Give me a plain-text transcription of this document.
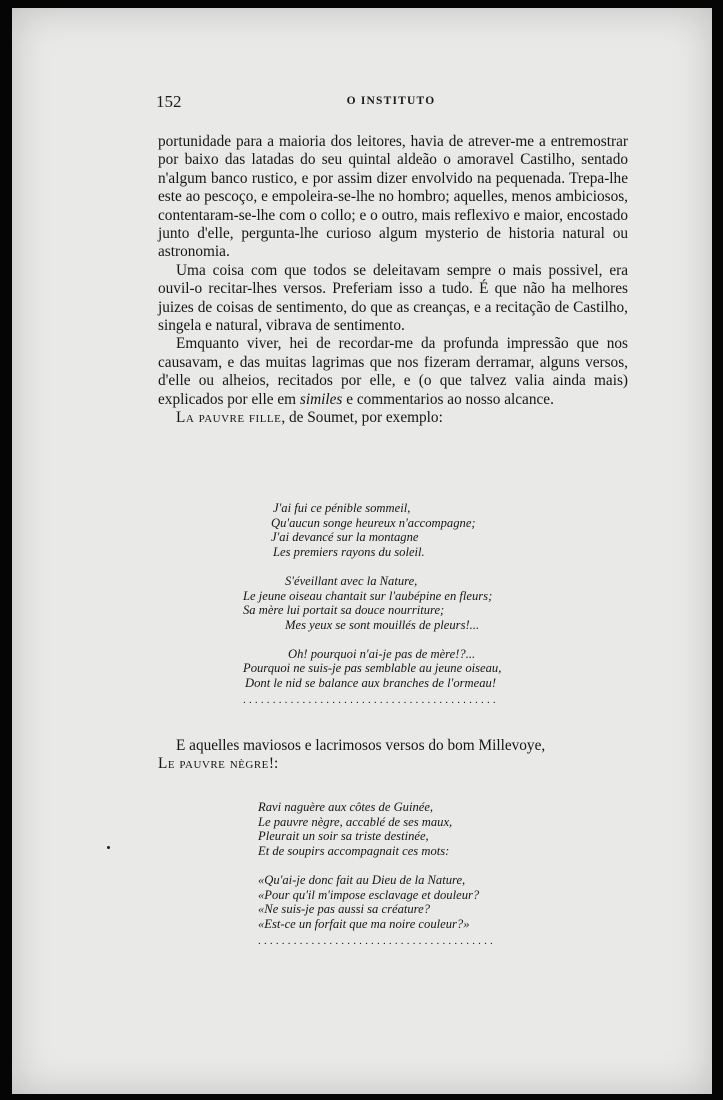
152	O INSTITUTO

portunidade para a maioria dos leitores, havia de atrever-me a entremostrar por baixo das latadas do seu quintal aldeão o amoravel Castilho, sentado n'algum banco rustico, e por assim dizer envolvido na pequenada. Trepa-lhe este ao pescoço, e empoleira-se-lhe no hombro; aquelles, menos ambiciosos, contentaram-se-lhe com o collo; e o outro, mais reflexivo e maior, encostado junto d'elle, pergunta-lhe curioso algum mysterio de historia natural ou astronomia.

Uma coisa com que todos se deleitavam sempre o mais possivel, era ouvil-o recitar-lhes versos. Preferiam isso a tudo. É que não ha melhores juizes de coisas de sentimento, do que as creanças, e a recitação de Castilho, singela e natural, vibrava de sentimento.

Emquanto viver, hei de recordar-me da profunda impressão que nos causavam, e das muitas lagrimas que nos fizeram derramar, alguns versos, d'elle ou alheios, recitados por elle, e (o que talvez valia ainda mais) explicados por elle em similes e commentarios ao nosso alcance.

La pauvre fille, de Soumet, por exemplo:

J'ai fui ce pénible sommeil,
Qu'aucun songe heureux n'accompagne;
J'ai devancé sur la montagne
Les premiers rayons du soleil.
S'éveillant avec la Nature,
Le jeune oiseau chantait sur l'aubépine en fleurs;
Sa mère lui portait sa douce nourriture;
Mes yeux se sont mouillés de pleurs!...
Oh! pourquoi n'ai-je pas de mère!?...
Pourquoi ne suis-je pas semblable au jeune oiseau,
Dont le nid se balance aux branches de l'ormeau!
...........................................

E aquelles maviosos e lacrimosos versos do bom Millevoye,
Le pauvre nègre!:

Ravi naguère aux côtes de Guinée,
Le pauvre nègre, accablé de ses maux,
Pleurait un soir sa triste destinée,
Et de soupirs accompagnait ces mots:
«Qu'ai-je donc fait au Dieu de la Nature,
«Pour qu'il m'impose esclavage et douleur?
«Ne suis-je pas aussi sa créature?
«Est-ce un forfait que ma noire couleur?»
........................................
